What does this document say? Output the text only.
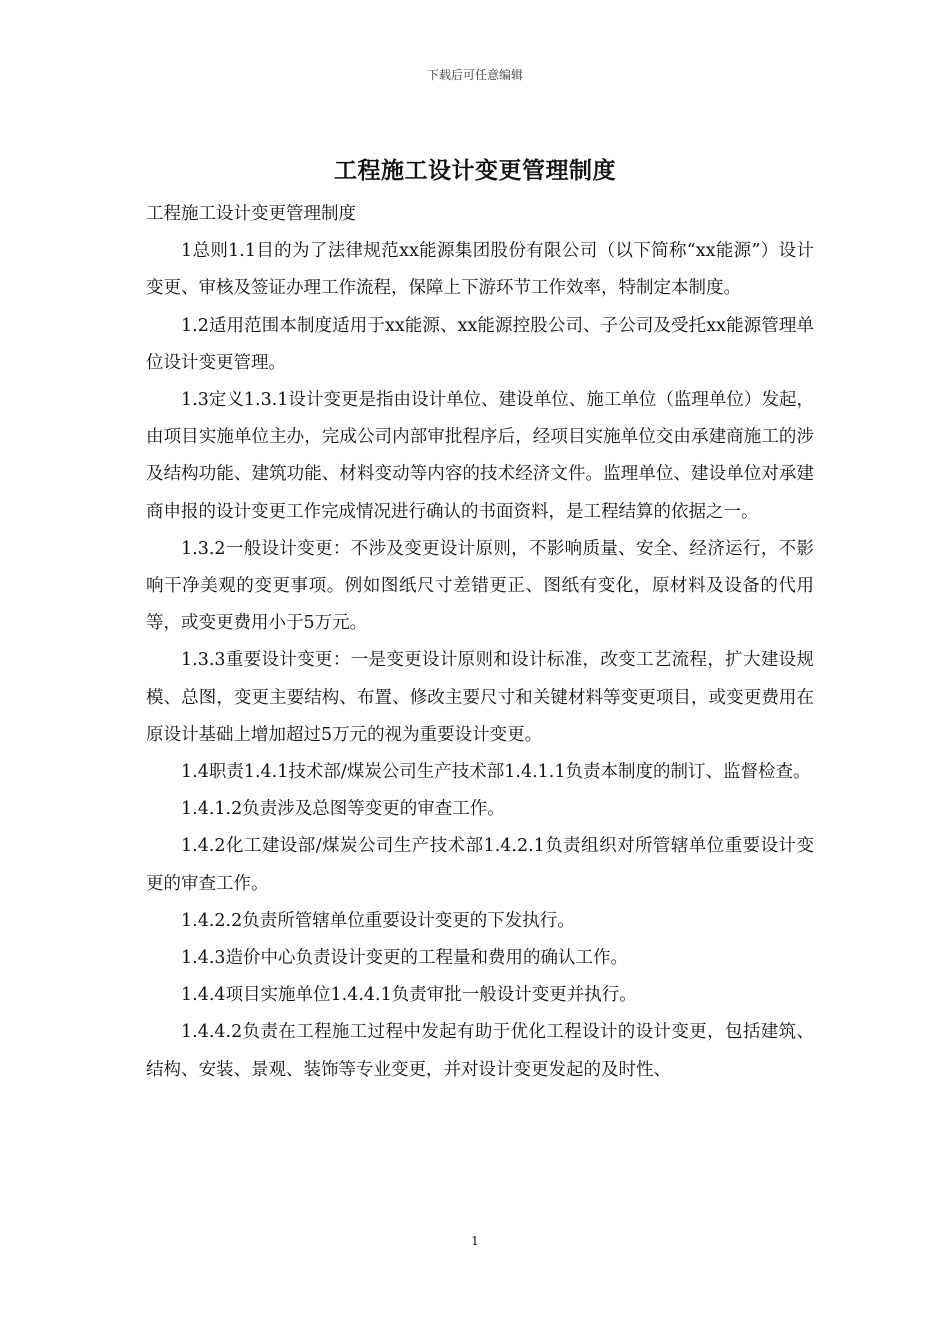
下载后可任意编辑
工程施工设计变更管理制度

工程施工设计变更管理制度

1总则1.1目的为了法律规范xx能源集团股份有限公司（以下简称“xx能源”）设计变更、审核及签证办理工作流程，保障上下游环节工作效率，特制定本制度。

1.2适用范围本制度适用于xx能源、xx能源控股公司、子公司及受托xx能源管理单位设计变更管理。

1.3定义1.3.1设计变更是指由设计单位、建设单位、施工单位（监理单位）发起，由项目实施单位主办，完成公司内部审批程序后，经项目实施单位交由承建商施工的涉及结构功能、建筑功能、材料变动等内容的技术经济文件。监理单位、建设单位对承建商申报的设计变更工作完成情况进行确认的书面资料，是工程结算的依据之一。

1.3.2一般设计变更：不涉及变更设计原则，不影响质量、安全、经济运行，不影响干净美观的变更事项。例如图纸尺寸差错更正、图纸有变化，原材料及设备的代用等，或变更费用小于5万元。

1.3.3重要设计变更：一是变更设计原则和设计标准，改变工艺流程，扩大建设规模、总图，变更主要结构、布置、修改主要尺寸和关键材料等变更项目，或变更费用在原设计基础上增加超过5万元的视为重要设计变更。

1.4职责1.4.1技术部/煤炭公司生产技术部1.4.1.1负责本制度的制订、监督检查。

1.4.1.2负责涉及总图等变更的审查工作。

1.4.2化工建设部/煤炭公司生产技术部1.4.2.1负责组织对所管辖单位重要设计变更的审查工作。

1.4.2.2负责所管辖单位重要设计变更的下发执行。

1.4.3造价中心负责设计变更的工程量和费用的确认工作。

1.4.4项目实施单位1.4.4.1负责审批一般设计变更并执行。

1.4.4.2负责在工程施工过程中发起有助于优化工程设计的设计变更，包括建筑、结构、安装、景观、装饰等专业变更，并对设计变更发起的及时性、

1
